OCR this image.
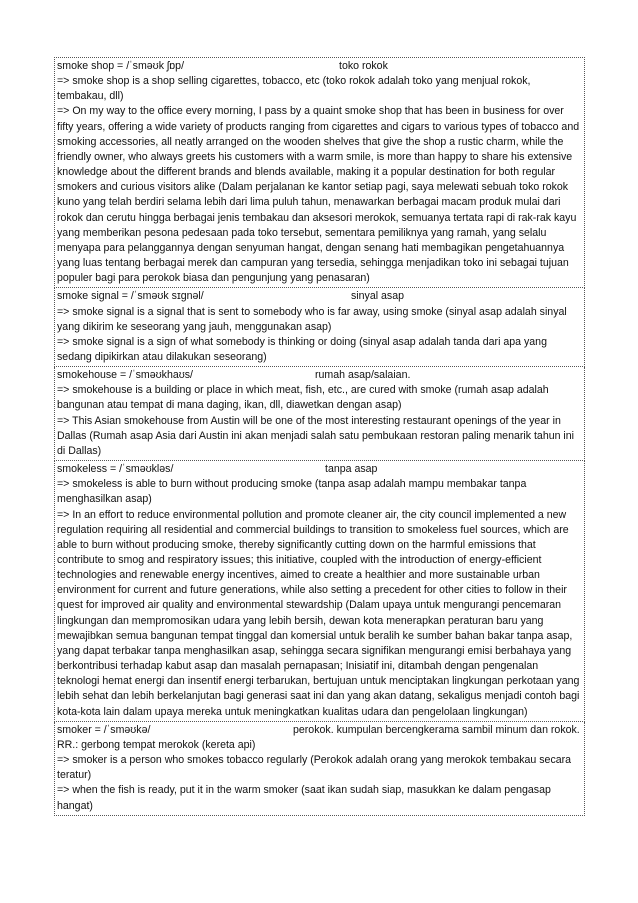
smoke shop = /ˈsməʊk ʃɒp/	toko rokok

=> smoke shop is a shop selling cigarettes, tobacco, etc (toko rokok adalah toko yang menjual rokok, tembakau, dll)

=> On my way to the office every morning, I pass by a quaint smoke shop that has been in business for over fifty years, offering a wide variety of products ranging from cigarettes and cigars to various types of tobacco and smoking accessories, all neatly arranged on the wooden shelves that give the shop a rustic charm, while the friendly owner, who always greets his customers with a warm smile, is more than happy to share his extensive knowledge about the different brands and blends available, making it a popular destination for both regular smokers and curious visitors alike (Dalam perjalanan ke kantor setiap pagi, saya melewati sebuah toko rokok kuno yang telah berdiri selama lebih dari lima puluh tahun, menawarkan berbagai macam produk mulai dari rokok dan cerutu hingga berbagai jenis tembakau dan aksesori merokok, semuanya tertata rapi di rak-rak kayu yang memberikan pesona pedesaan pada toko tersebut, sementara pemiliknya yang ramah, yang selalu menyapa para pelanggannya dengan senyuman hangat, dengan senang hati membagikan pengetahuannya yang luas tentang berbagai merek dan campuran yang tersedia, sehingga menjadikan toko ini sebagai tujuan populer bagi para perokok biasa dan pengunjung yang penasaran)

smoke signal = /ˈsməʊk sɪɡnəl/	sinyal asap

=> smoke signal is a signal that is sent to somebody who is far away, using smoke (sinyal asap adalah sinyal yang dikirim ke seseorang yang jauh, menggunakan asap)

=> smoke signal is a sign of what somebody is thinking or doing (sinyal asap adalah tanda dari apa yang sedang dipikirkan atau dilakukan seseorang)

smokehouse = /ˈsməʊkhaʊs/	rumah asap/salaian.

=> smokehouse is a building or place in which meat, fish, etc., are cured with smoke (rumah asap adalah bangunan atau tempat di mana daging, ikan, dll, diawetkan dengan asap)

=> This Asian smokehouse from Austin will be one of the most interesting restaurant openings of the year in Dallas (Rumah asap Asia dari Austin ini akan menjadi salah satu pembukaan restoran paling menarik tahun ini di Dallas)

smokeless = /ˈsməʊkləs/	tanpa asap

=> smokeless is able to burn without producing smoke (tanpa asap adalah mampu membakar tanpa menghasilkan asap)

=> In an effort to reduce environmental pollution and promote cleaner air, the city council implemented a new regulation requiring all residential and commercial buildings to transition to smokeless fuel sources, which are able to burn without producing smoke, thereby significantly cutting down on the harmful emissions that contribute to smog and respiratory issues; this initiative, coupled with the introduction of energy-efficient technologies and renewable energy incentives, aimed to create a healthier and more sustainable urban environment for current and future generations, while also setting a precedent for other cities to follow in their quest for improved air quality and environmental stewardship (Dalam upaya untuk mengurangi pencemaran lingkungan dan mempromosikan udara yang lebih bersih, dewan kota menerapkan peraturan baru yang mewajibkan semua bangunan tempat tinggal dan komersial untuk beralih ke sumber bahan bakar tanpa asap, yang dapat terbakar tanpa menghasilkan asap, sehingga secara signifikan mengurangi emisi berbahaya yang berkontribusi terhadap kabut asap dan masalah pernapasan; Inisiatif ini, ditambah dengan pengenalan teknologi hemat energi dan insentif energi terbarukan, bertujuan untuk menciptakan lingkungan perkotaan yang lebih sehat dan lebih berkelanjutan bagi generasi saat ini dan yang akan datang, sekaligus menjadi contoh bagi kota-kota lain dalam upaya mereka untuk meningkatkan kualitas udara dan pengelolaan lingkungan)

smoker = /ˈsməʊkə/	perokok. kumpulan bercengkerama sambil minum dan rokok. RR.: gerbong tempat merokok (kereta api)

=> smoker is a person who smokes tobacco regularly (Perokok adalah orang yang merokok tembakau secara teratur)

=> when the fish is ready, put it in the warm smoker (saat ikan sudah siap, masukkan ke dalam pengasap hangat)
